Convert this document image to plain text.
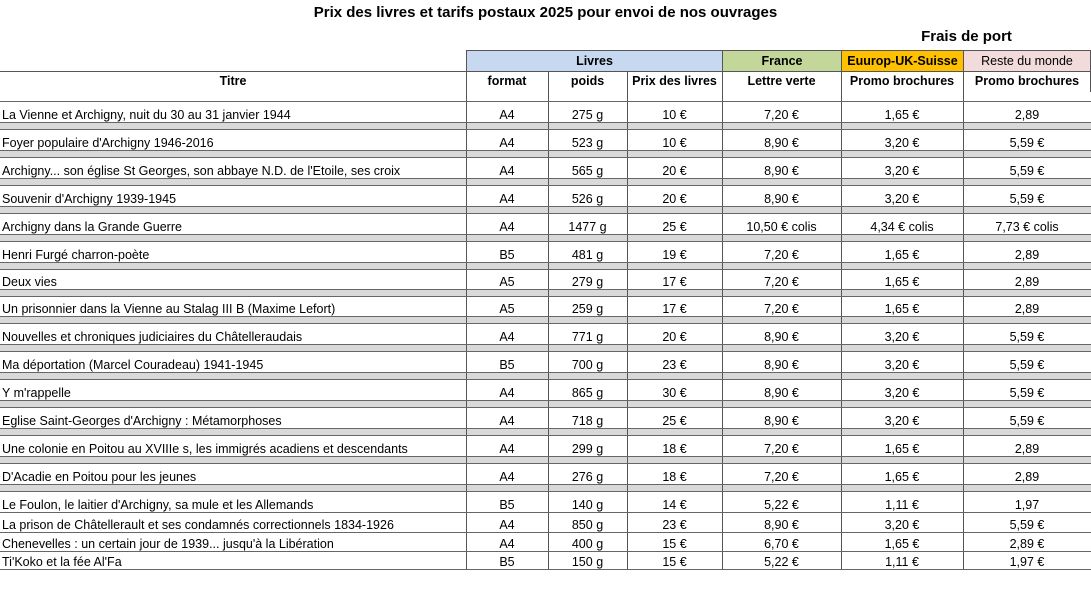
Prix des livres et tarifs postaux 2025 pour envoi de nos ouvrages
Frais de port
Livres	France	Euurop-UK-Suisse	Reste du monde
Titre	format	poids	Prix des livres	Lettre verte	Promo brochures	Promo brochures

La Vienne et Archigny, nuit du 30 au 31 janvier 1944	A4	275 g	10 €	7,20 €	1,65 €	2,89

Foyer populaire d'Archigny 1946-2016	A4	523 g	10 €	8,90 €	3,20 €	5,59 €

Archigny... son église St Georges, son abbaye N.D. de l'Etoile, ses croix	A4	565 g	20 €	8,90 €	3,20 €	5,59 €

Souvenir d'Archigny 1939-1945	A4	526 g	20 €	8,90 €	3,20 €	5,59 €

Archigny dans la Grande Guerre	A4	1477 g	25 €	10,50 € colis	4,34 € colis	7,73 € colis

Henri Furgé charron-poète	B5	481 g	19 €	7,20 €	1,65 €	2,89

Deux vies	A5	279 g	17 €	7,20 €	1,65 €	2,89

Un prisonnier dans la Vienne au Stalag III B (Maxime Lefort)	A5	259 g	17 €	7,20 €	1,65 €	2,89

Nouvelles et chroniques judiciaires du Châtelleraudais	A4	771 g	20 €	8,90 €	3,20 €	5,59 €

Ma déportation (Marcel Couradeau) 1941-1945	B5	700 g	23 €	8,90 €	3,20 €	5,59 €

Y m'rappelle	A4	865 g	30 €	8,90 €	3,20 €	5,59 €

Eglise Saint-Georges d'Archigny : Métamorphoses	A4	718 g	25 €	8,90 €	3,20 €	5,59 €

Une colonie en Poitou au XVIIIe s, les immigrés acadiens et descendants	A4	299 g	18 €	7,20 €	1,65 €	2,89

D'Acadie en Poitou pour les jeunes	A4	276 g	18 €	7,20 €	1,65 €	2,89

Le Foulon, le laitier d'Archigny, sa mule et les Allemands	B5	140 g	14 €	5,22 €	1,11 €	1,97
La prison de Châtellerault et ses condamnés correctionnels 1834-1926	A4	850 g	23 €	8,90 €	3,20 €	5,59 €
Chenevelles : un certain jour de 1939... jusqu'à la Libération	A4	400 g	15 €	6,70 €	1,65 €	2,89 €
Ti'Koko et la fée Al'Fa	B5	150 g	15 €	5,22 €	1,11 €	1,97 €
